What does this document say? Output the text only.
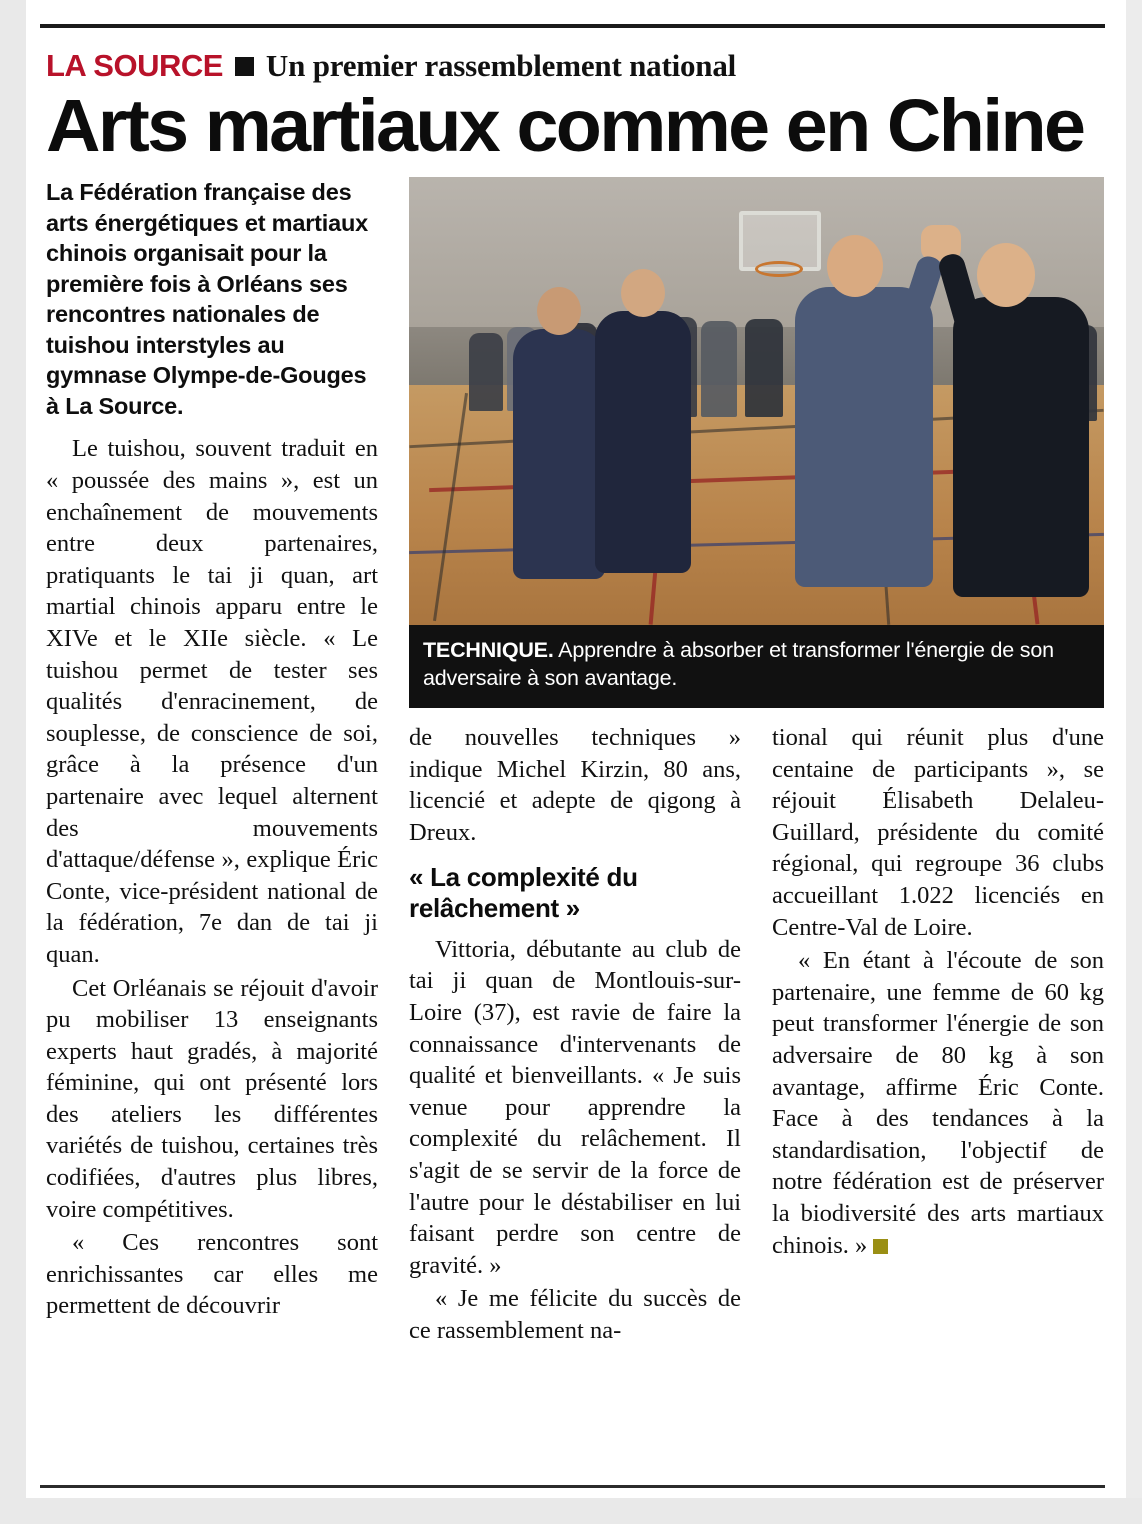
LA SOURCE Un premier rassemblement national
Arts martiaux comme en Chine
La Fédération française des arts énergétiques et martiaux chinois organisait pour la première fois à Orléans ses rencontres nationales de tuishou interstyles au gymnase Olympe-de-Gouges à La Source.

Le tuishou, souvent traduit en « poussée des mains », est un enchaînement de mouvements entre deux partenaires, pratiquants le tai ji quan, art martial chinois apparu entre le XIVe et le XIIe siècle. « Le tuishou permet de tester ses qualités d'enracinement, de souplesse, de conscience de soi, grâce à la présence d'un partenaire avec lequel alternent des mouvements d'attaque/défense », explique Éric Conte, vice-président national de la fédération, 7e dan de tai ji quan.

Cet Orléanais se réjouit d'avoir pu mobiliser 13 enseignants experts haut gradés, à majorité féminine, qui ont présenté lors des ateliers les différentes variétés de tuishou, certaines très codifiées, d'autres plus libres, voire compétitives.

« Ces rencontres sont enrichissantes car elles me permettent de découvrir

TECHNIQUE. Apprendre à absorber et transformer l'énergie de son adversaire à son avantage.

de nouvelles techniques » indique Michel Kirzin, 80 ans, licencié et adepte de qigong à Dreux.

« La complexité du relâchement »

Vittoria, débutante au club de tai ji quan de Montlouis-sur-Loire (37), est ravie de faire la connaissance d'intervenants de qualité et bienveillants. « Je suis venue pour apprendre la complexité du relâchement. Il s'agit de se servir de la force de l'autre pour le déstabiliser en lui faisant perdre son centre de gravité. »

« Je me félicite du succès de ce rassemblement na-

tional qui réunit plus d'une centaine de participants », se réjouit Élisabeth Delaleu-Guillard, présidente du comité régional, qui regroupe 36 clubs accueillant 1.022 licenciés en Centre-Val de Loire.

« En étant à l'écoute de son partenaire, une femme de 60 kg peut transformer l'énergie de son adversaire de 80 kg à son avantage, affirme Éric Conte. Face à des tendances à la standardisation, l'objectif de notre fédération est de préserver la biodiversité des arts martiaux chinois. »
